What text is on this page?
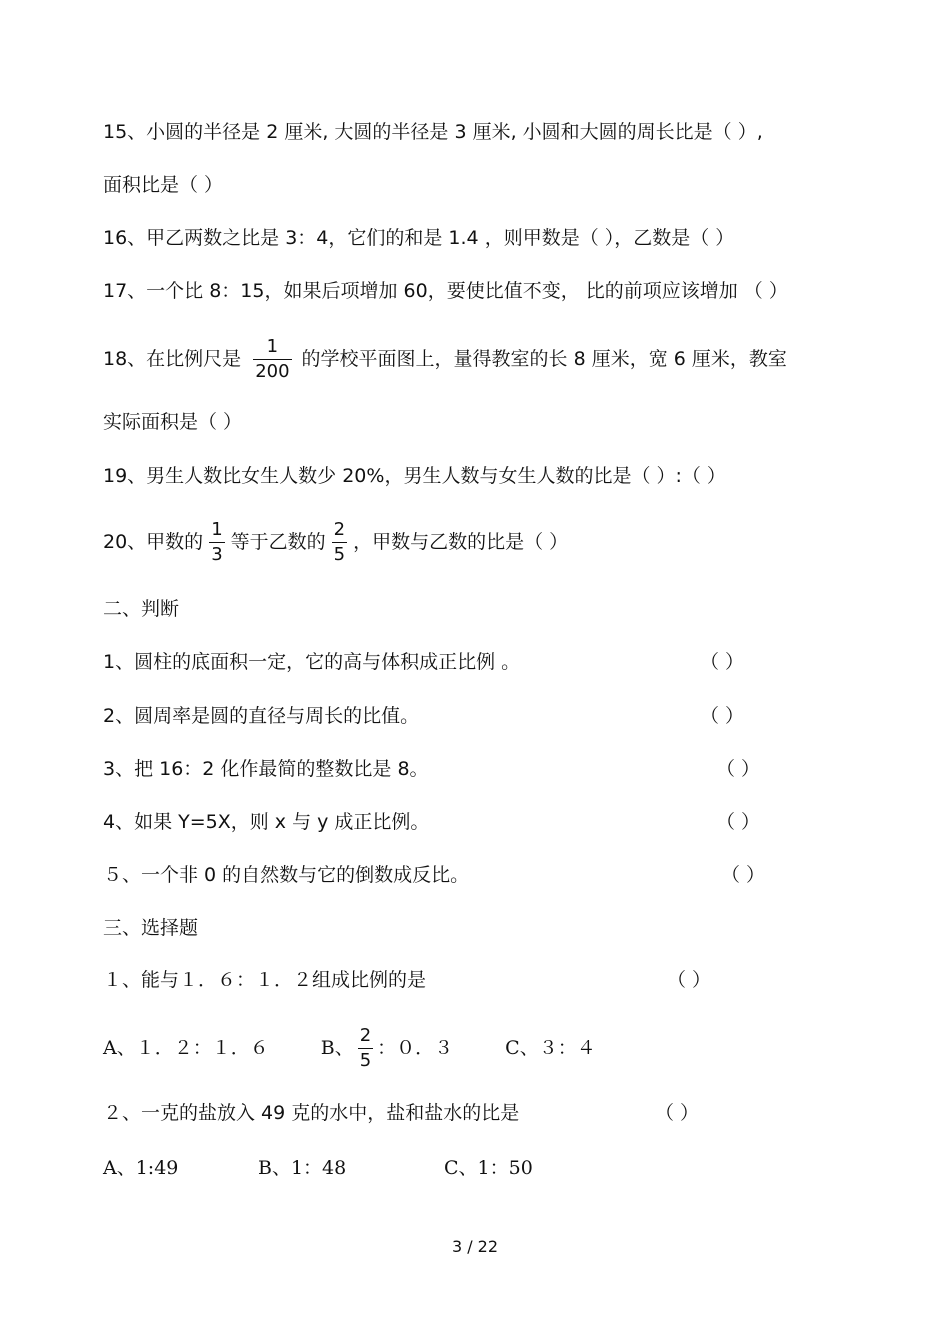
15、小圆的半径是 2 厘米, 大圆的半径是 3 厘米, 小圆和大圆的周长比是（ ）,
面积比是（ ）
16、甲乙两数之比是 3：4，它们的和是 1.4 ，则甲数是（ ），乙数是（ ）
17、一个比 8：15，如果后项增加 60，要使比值不变， 比的前项应该增加 （ ）
18、在比例尺是 $\frac{1}{200}$ 的学校平面图上，量得教室的长 8 厘米，宽 6 厘米，教室
实际面积是（ ）
19、男生人数比女生人数少 20%，男生人数与女生人数的比是（ ）:（ ）
20、甲数的 $\frac{1}{3}$ 等于乙数的 $\frac{2}{5}$ ，甲数与乙数的比是（ ）
二、判断
1、圆柱的底面积一定，它的高与体积成正比例 。	（ ）
2、圆周率是圆的直径与周长的比值。	（ ）
3、把 16：2 化作最简的整数比是 8。	（ ）
4、如果 Y=5X，则 x 与 y 成正比例。	（ ）
５、一个非 0 的自然数与它的倒数成反比。	（ ）
三、选择题
１、能与１．６：１．２组成比例的是	（ ）
A、１．２：１．６	B、 $\frac{2}{5}$ ：０．３	C、３：４
２、一克的盐放入 49 克的水中，盐和盐水的比是	（ ）
A、1:49	B、1：48	C、1：50
3 / 22
